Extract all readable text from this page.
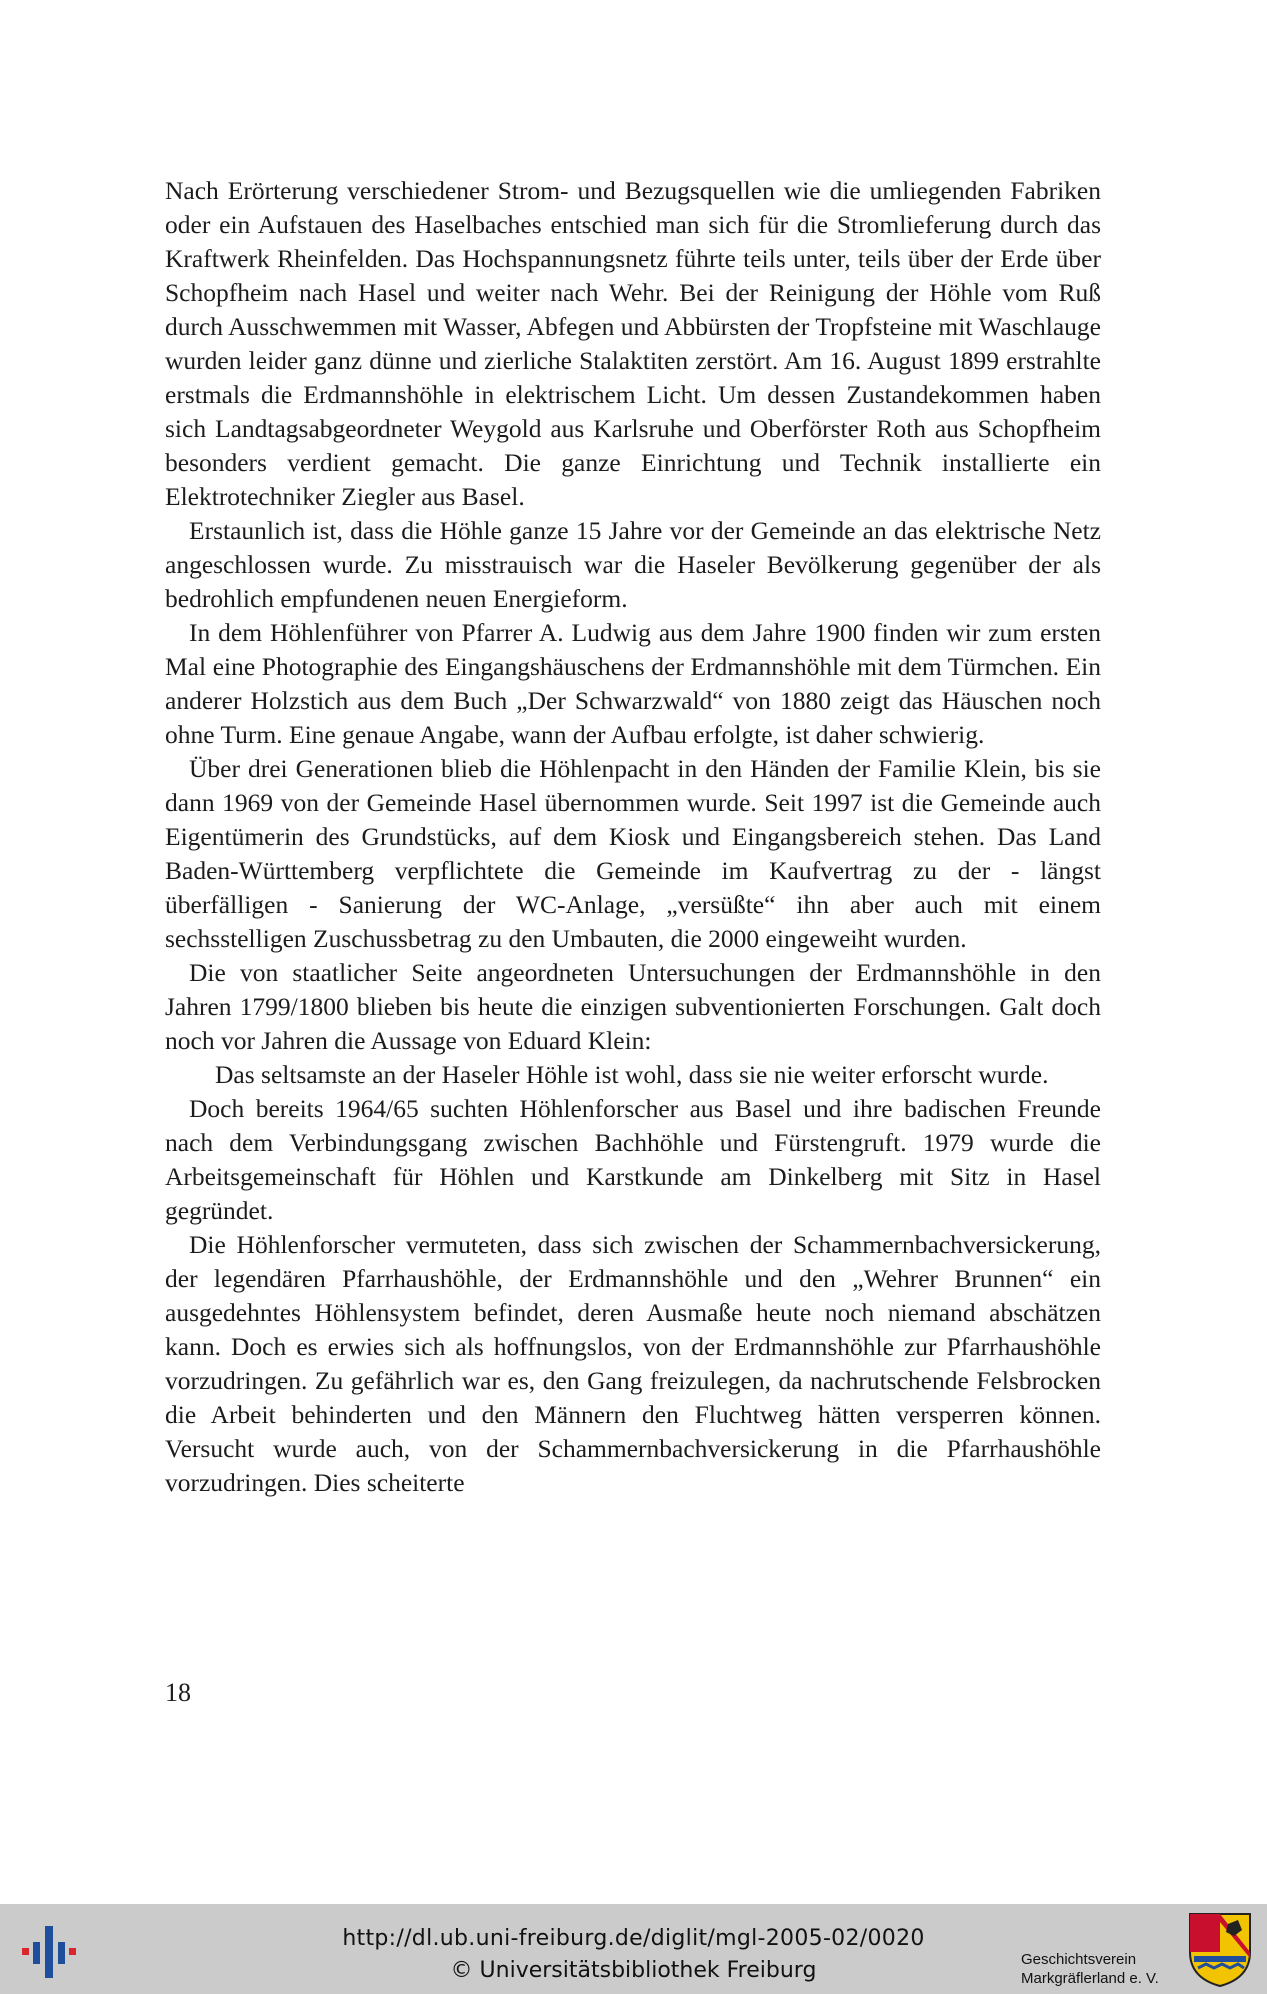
Nach Erörterung verschiedener Strom- und Bezugsquellen wie die umliegenden Fabriken oder ein Aufstauen des Haselbaches entschied man sich für die Stromlieferung durch das Kraftwerk Rheinfelden. Das Hochspannungsnetz führte teils unter, teils über der Erde über Schopfheim nach Hasel und weiter nach Wehr. Bei der Reinigung der Höhle vom Ruß durch Ausschwemmen mit Wasser, Abfegen und Abbürsten der Tropfsteine mit Waschlauge wurden leider ganz dünne und zierliche Stalaktiten zerstört. Am 16. August 1899 erstrahlte erstmals die Erdmannshöhle in elektrischem Licht. Um dessen Zustandekommen haben sich Landtagsabgeordneter Weygold aus Karlsruhe und Oberförster Roth aus Schopfheim besonders verdient gemacht. Die ganze Einrichtung und Technik installierte ein Elektrotechniker Ziegler aus Basel.

Erstaunlich ist, dass die Höhle ganze 15 Jahre vor der Gemeinde an das elektrische Netz angeschlossen wurde. Zu misstrauisch war die Haseler Bevölkerung gegenüber der als bedrohlich empfundenen neuen Energieform.

In dem Höhlenführer von Pfarrer A. Ludwig aus dem Jahre 1900 finden wir zum ersten Mal eine Photographie des Eingangshäuschens der Erdmannshöhle mit dem Türmchen. Ein anderer Holzstich aus dem Buch „Der Schwarzwald“ von 1880 zeigt das Häuschen noch ohne Turm. Eine genaue Angabe, wann der Aufbau erfolgte, ist daher schwierig.

Über drei Generationen blieb die Höhlenpacht in den Händen der Familie Klein, bis sie dann 1969 von der Gemeinde Hasel übernommen wurde. Seit 1997 ist die Gemeinde auch Eigentümerin des Grundstücks, auf dem Kiosk und Eingangsbereich stehen. Das Land Baden-Württemberg verpflichtete die Gemeinde im Kaufvertrag zu der - längst überfälligen - Sanierung der WC-Anlage, „versüßte“ ihn aber auch mit einem sechsstelligen Zuschussbetrag zu den Umbauten, die 2000 eingeweiht wurden.

Die von staatlicher Seite angeordneten Untersuchungen der Erdmannshöhle in den Jahren 1799/1800 blieben bis heute die einzigen subventionierten Forschungen. Galt doch noch vor Jahren die Aussage von Eduard Klein:

Das seltsamste an der Haseler Höhle ist wohl, dass sie nie weiter erforscht wurde.

Doch bereits 1964/65 suchten Höhlenforscher aus Basel und ihre badischen Freunde nach dem Verbindungsgang zwischen Bachhöhle und Fürstengruft. 1979 wurde die Arbeitsgemeinschaft für Höhlen und Karstkunde am Dinkelberg mit Sitz in Hasel gegründet.

Die Höhlenforscher vermuteten, dass sich zwischen der Schammernbachversickerung, der legendären Pfarrhaushöhle, der Erdmannshöhle und den „Wehrer Brunnen“ ein ausgedehntes Höhlensystem befindet, deren Ausmaße heute noch niemand abschätzen kann. Doch es erwies sich als hoffnungslos, von der Erdmannshöhle zur Pfarrhaushöhle vorzudringen. Zu gefährlich war es, den Gang freizulegen, da nachrutschende Felsbrocken die Arbeit behinderten und den Männern den Fluchtweg hätten versperren können. Versucht wurde auch, von der Schammernbachversickerung in die Pfarrhaushöhle vorzudringen. Dies scheiterte

18
http://dl.ub.uni-freiburg.de/diglit/mgl-2005-02/0020
© Universitätsbibliothek Freiburg	Geschichtsverein
Markgräflerland e. V.
